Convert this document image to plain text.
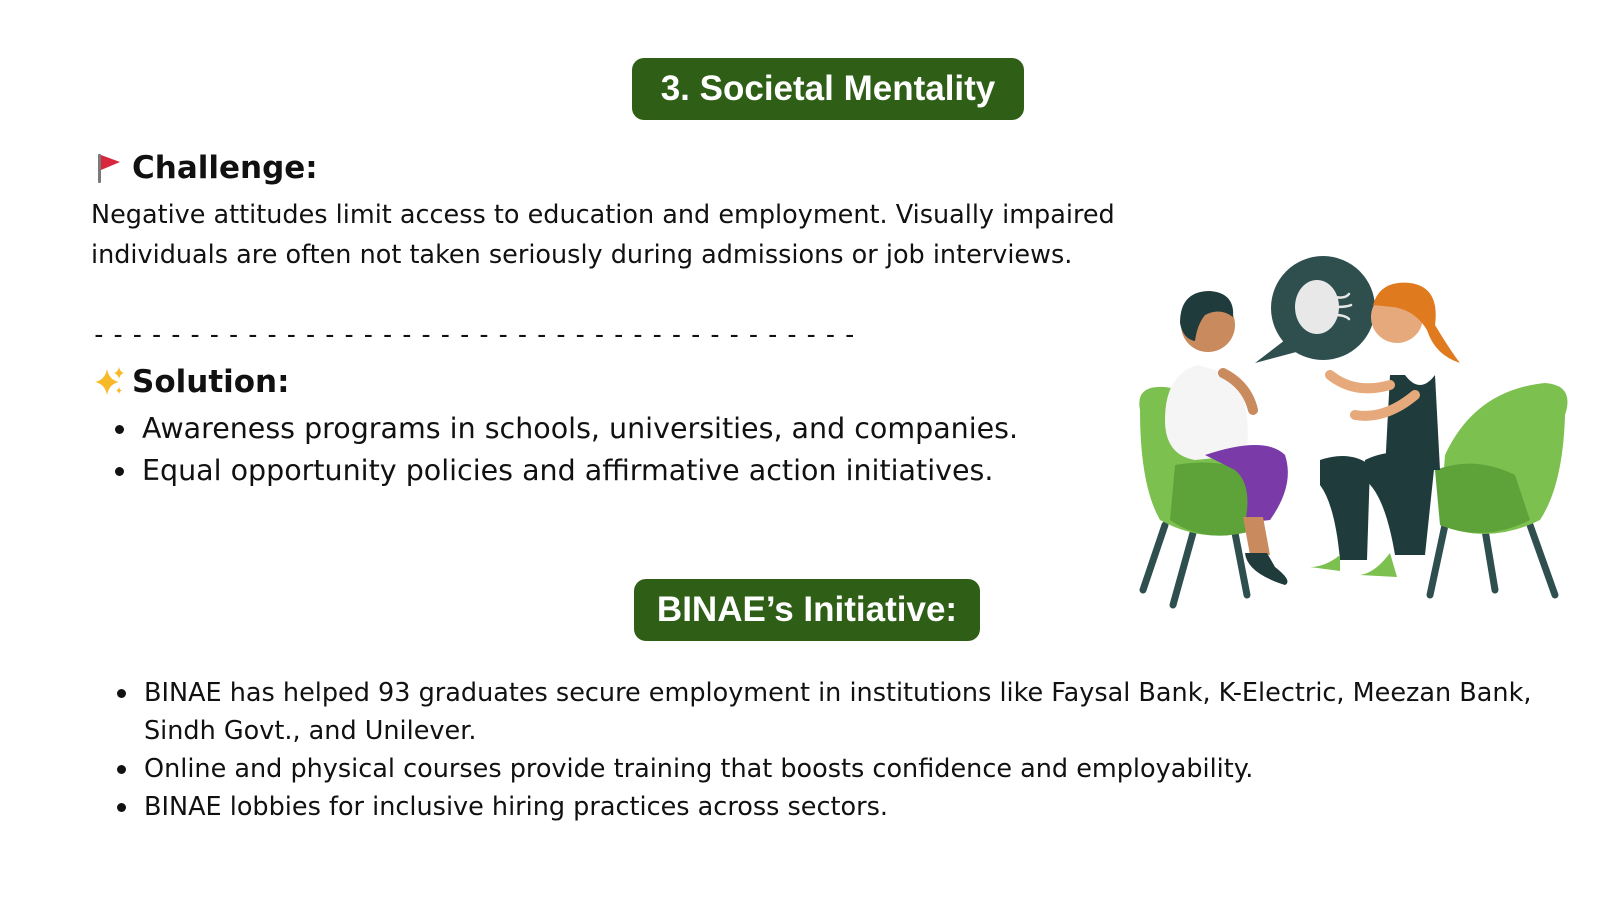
3. Societal Mentality
Challenge:
Negative attitudes limit access to education and employment. Visually impaired individuals are often not taken seriously during admissions or job interviews.
----------------------------------------
Solution:
Awareness programs in schools, universities, and companies.
Equal opportunity policies and affirmative action initiatives.
BINAE’s Initiative:
BINAE has helped 93 graduates secure employment in institutions like Faysal Bank, K-Electric, Meezan Bank, Sindh Govt., and Unilever.
Online and physical courses provide training that boosts confidence and employability.
BINAE lobbies for inclusive hiring practices across sectors.
